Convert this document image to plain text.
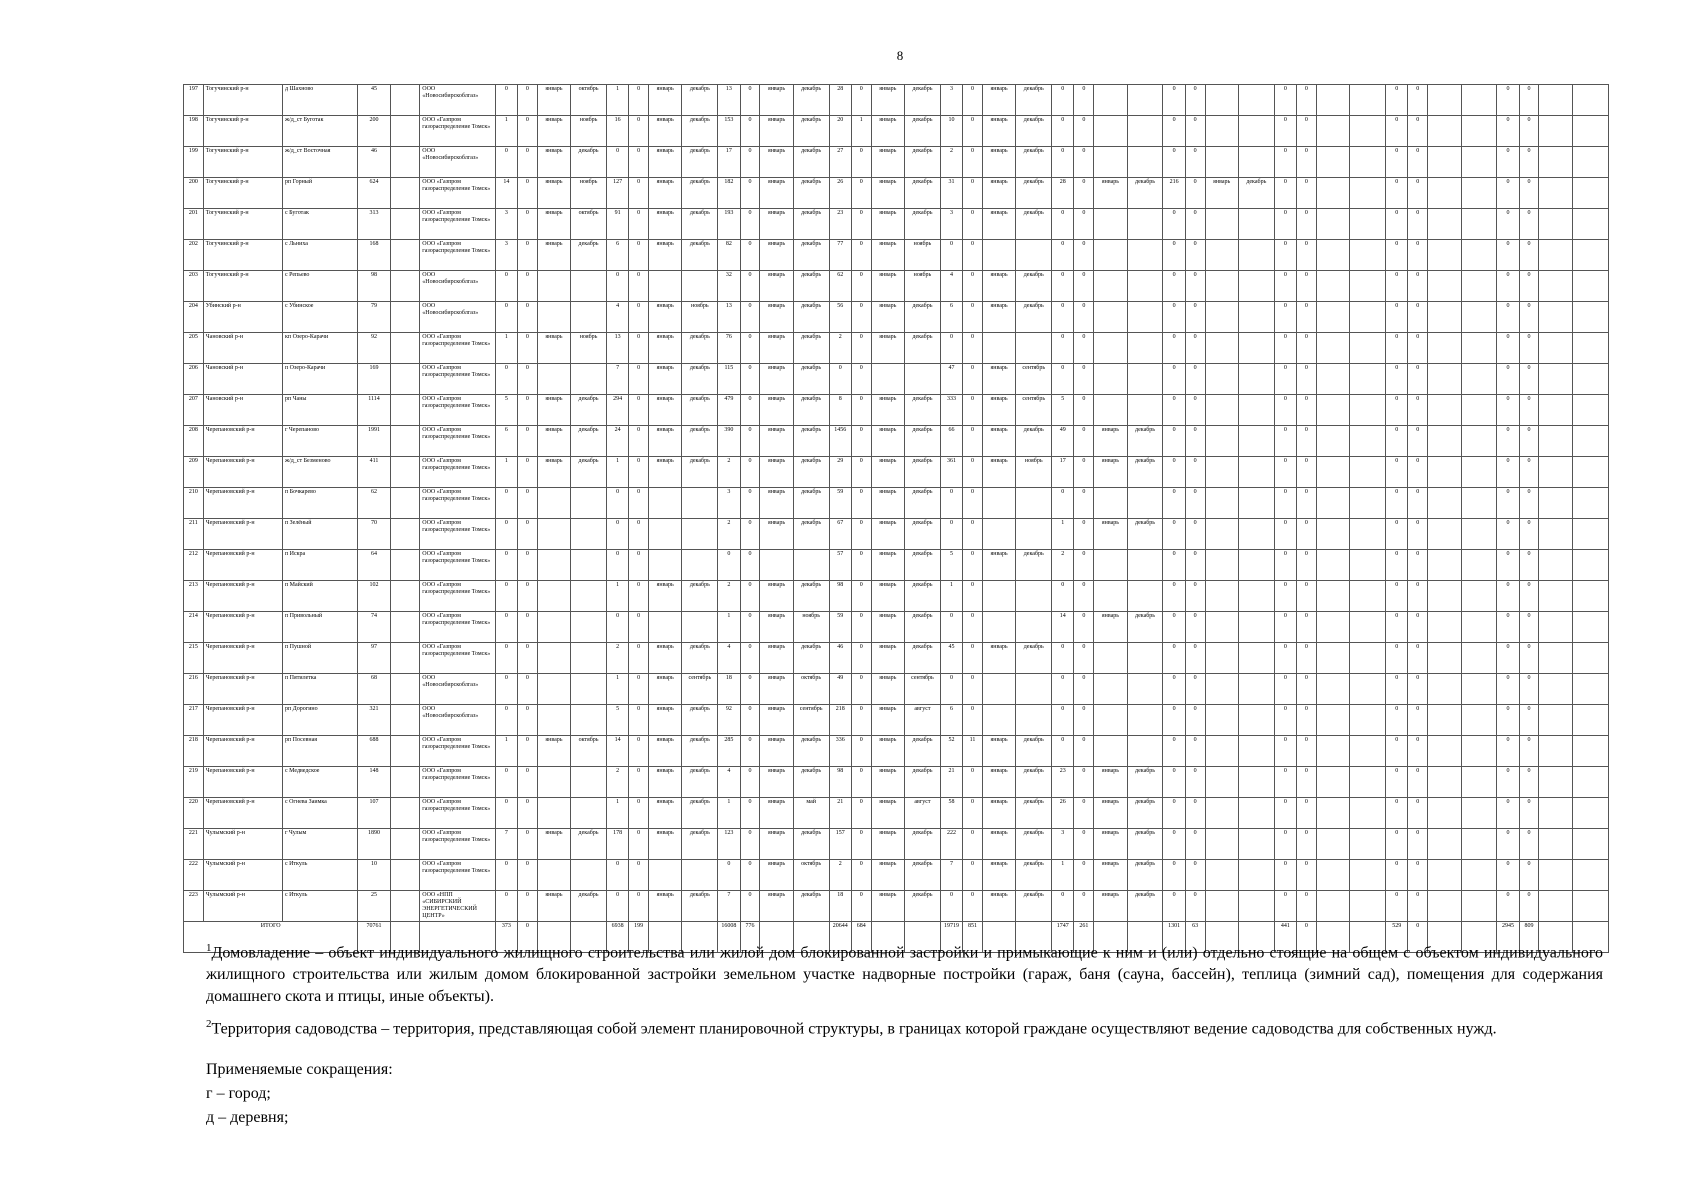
8
197	Тогучинский р-н	д Шахново	45		ООО «Новосибирскоблгаз»	0	0	январь	октябрь	1	0	январь	декабрь	13	0	январь	декабрь	28	0	январь	декабрь	3	0	январь	декабрь	0	0			0	0			0	0			0	0			0	0		
198	Тогучинский р-н	ж/д_ст Буготак	200		ООО «Газпром газораспределение Томск»	1	0	январь	ноябрь	16	0	январь	декабрь	153	0	январь	декабрь	20	1	январь	декабрь	10	0	январь	декабрь	0	0			0	0			0	0			0	0			0	0		
199	Тогучинский р-н	ж/д_ст Восточная	46		ООО «Новосибирскоблгаз»	0	0	январь	декабрь	0	0	январь	декабрь	17	0	январь	декабрь	27	0	январь	декабрь	2	0	январь	декабрь	0	0			0	0			0	0			0	0			0	0		
200	Тогучинский р-н	рп Горный	624		ООО «Газпром газораспределение Томск»	14	0	январь	ноябрь	127	0	январь	декабрь	182	0	январь	декабрь	26	0	январь	декабрь	31	0	январь	декабрь	28	0	январь	декабрь	216	0	январь	декабрь	0	0			0	0			0	0		
201	Тогучинский р-н	с Буготак	313		ООО «Газпром газораспределение Томск»	3	0	январь	октябрь	91	0	январь	декабрь	193	0	январь	декабрь	23	0	январь	декабрь	3	0	январь	декабрь	0	0			0	0			0	0			0	0			0	0		
202	Тогучинский р-н	с Льниха	168		ООО «Газпром газораспределение Томск»	3	0	январь	декабрь	6	0	январь	декабрь	82	0	январь	декабрь	77	0	январь	ноябрь	0	0			0	0			0	0			0	0			0	0			0	0		
203	Тогучинский р-н	с Репьево	98		ООО «Новосибирскоблгаз»	0	0			0	0			32	0	январь	декабрь	62	0	январь	ноябрь	4	0	январь	декабрь	0	0			0	0			0	0			0	0			0	0		
204	Убинский р-н	с Убинское	79		ООО «Новосибирскоблгаз»	0	0			4	0	январь	ноябрь	13	0	январь	декабрь	56	0	январь	декабрь	6	0	январь	декабрь	0	0			0	0			0	0			0	0			0	0		
205	Чановский р-н	кп Озеро-Карачи	92		ООО «Газпром газораспределение Томск»	1	0	январь	ноябрь	13	0	январь	декабрь	76	0	январь	декабрь	2	0	январь	декабрь	0	0			0	0			0	0			0	0			0	0			0	0		
206	Чановский р-н	п Озеро-Карачи	169		ООО «Газпром газораспределение Томск»	0	0			7	0	январь	декабрь	115	0	январь	декабрь	0	0			47	0	январь	сентябрь	0	0			0	0			0	0			0	0			0	0		
207	Чановский р-н	рп Чаны	1114		ООО «Газпром газораспределение Томск»	5	0	январь	декабрь	294	0	январь	декабрь	479	0	январь	декабрь	8	0	январь	декабрь	333	0	январь	сентябрь	5	0			0	0			0	0			0	0			0	0		
208	Черепановский р-н	г Черепаново	1991		ООО «Газпром газораспределение Томск»	6	0	январь	декабрь	24	0	январь	декабрь	390	0	январь	декабрь	1456	0	январь	декабрь	66	0	январь	декабрь	49	0	январь	декабрь	0	0			0	0			0	0			0	0		
209	Черепановский р-н	ж/д_ст Безменово	411		ООО «Газпром газораспределение Томск»	1	0	январь	декабрь	1	0	январь	декабрь	2	0	январь	декабрь	29	0	январь	декабрь	361	0	январь	ноябрь	17	0	январь	декабрь	0	0			0	0			0	0			0	0		
210	Черепановский р-н	п Бочкарево	62		ООО «Газпром газораспределение Томск»	0	0			0	0			3	0	январь	декабрь	59	0	январь	декабрь	0	0			0	0			0	0			0	0			0	0			0	0		
211	Черепановский р-н	п Зелёный	70		ООО «Газпром газораспределение Томск»	0	0			0	0			2	0	январь	декабрь	67	0	январь	декабрь	0	0			1	0	январь	декабрь	0	0			0	0			0	0			0	0		
212	Черепановский р-н	п Искра	64		ООО «Газпром газораспределение Томск»	0	0			0	0			0	0			57	0	январь	декабрь	5	0	январь	декабрь	2	0			0	0			0	0			0	0			0	0		
213	Черепановский р-н	п Майский	102		ООО «Газпром газораспределение Томск»	0	0			1	0	январь	декабрь	2	0	январь	декабрь	98	0	январь	декабрь	1	0			0	0			0	0			0	0			0	0			0	0		
214	Черепановский р-н	п Привольный	74		ООО «Газпром газораспределение Томск»	0	0			0	0			1	0	январь	ноябрь	59	0	январь	декабрь	0	0			14	0	январь	декабрь	0	0			0	0			0	0			0	0		
215	Черепановский р-н	п Пушной	97		ООО «Газпром газораспределение Томск»	0	0			2	0	январь	декабрь	4	0	январь	декабрь	46	0	январь	декабрь	45	0	январь	декабрь	0	0			0	0			0	0			0	0			0	0		
216	Черепановский р-н	п Пятилетка	68		ООО «Новосибирскоблгаз»	0	0			1	0	январь	сентябрь	18	0	январь	октябрь	49	0	январь	сентябрь	0	0			0	0			0	0			0	0			0	0			0	0		
217	Черепановский р-н	рп Дорогино	321		ООО «Новосибирскоблгаз»	0	0			5	0	январь	декабрь	92	0	январь	сентябрь	218	0	январь	август	6	0			0	0			0	0			0	0			0	0			0	0		
218	Черепановский р-н	рп Посевная	688		ООО «Газпром газораспределение Томск»	1	0	январь	октябрь	14	0	январь	декабрь	285	0	январь	декабрь	336	0	январь	декабрь	52	11	январь	декабрь	0	0			0	0			0	0			0	0			0	0		
219	Черепановский р-н	с Медведское	148		ООО «Газпром газораспределение Томск»	0	0			2	0	январь	декабрь	4	0	январь	декабрь	98	0	январь	декабрь	21	0	январь	декабрь	23	0	январь	декабрь	0	0			0	0			0	0			0	0		
220	Черепановский р-н	с Огнева Заимка	107		ООО «Газпром газораспределение Томск»	0	0			1	0	январь	декабрь	1	0	январь	май	21	0	январь	август	58	0	январь	декабрь	26	0	январь	декабрь	0	0			0	0			0	0			0	0		
221	Чулымский р-н	г Чулым	1890		ООО «Газпром газораспределение Томск»	7	0	январь	декабрь	178	0	январь	декабрь	123	0	январь	декабрь	157	0	январь	декабрь	222	0	январь	декабрь	3	0	январь	декабрь	0	0			0	0			0	0			0	0		
222	Чулымский р-н	с Иткуль	10		ООО «Газпром газораспределение Томск»	0	0			0	0			0	0	январь	октябрь	2	0	январь	декабрь	7	0	январь	декабрь	1	0	январь	декабрь	0	0			0	0			0	0			0	0		
223	Чулымский р-н	с Иткуль	25		ООО «НПП «СИБИРСКИЙ ЭНЕРГЕТИЧЕСКИЙ ЦЕНТР»	0	0	январь	декабрь	0	0	январь	декабрь	7	0	январь	декабрь	18	0	январь	декабрь	0	0	январь	декабрь	0	0	январь	декабрь	0	0			0	0			0	0			0	0		
ИТОГО			70761			373	0			6938	199			16008	776			20644	684			19719	851			1747	261			1301	63			441	0			529	0			2945	809		

$^1$Домовладение – объект индивидуального жилищного строительства или жилой дом блокированной застройки и примыкающие к ним и (или) отдельно стоящие на общем с объектом индивидуального жилищного строительства или жилым домом блокированной застройки земельном участке надворные постройки (гараж, баня (сауна, бассейн), теплица (зимний сад), помещения для содержания домашнего скота и птицы, иные объекты).

$^2$Территория садоводства – территория, представляющая собой элемент планировочной структуры, в границах которой граждане осуществляют ведение садоводства для собственных нужд.

Применяемые сокращения:
г – город;
д – деревня;
